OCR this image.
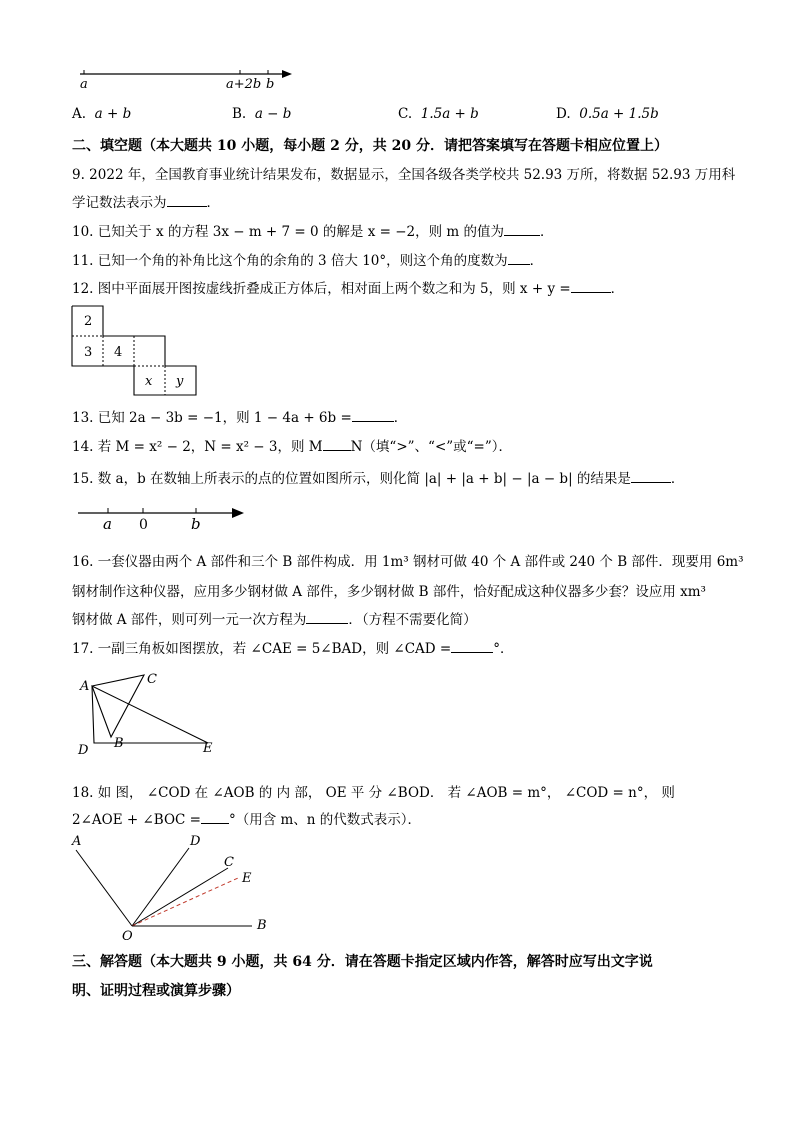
a	a+2b b
A. a + b	B. a − b	C. 1.5a + b	D. 0.5a + 1.5b
二、填空题（本大题共 10 小题，每小题 2 分，共 20 分．请把答案填写在答题卡相应位置上）
9. 2022 年，全国教育事业统计结果发布，数据显示，全国各级各类学校共 52.93 万所，将数据 52.93 万用科
学记数法表示为	．
10. 已知关于 x 的方程 3x − m + 7 = 0 的解是 x = −2，则 m 的值为	．
11. 已知一个角的补角比这个角的余角的 3 倍大 10°，则这个角的度数为 ．
12. 图中平面展开图按虚线折叠成正方体后，相对面上两个数之和为 5，则 x + y =	．
2
3 4
x y
13. 已知 2a − 3b = −1，则 1 − 4a + 6b =	．
14. 若 M = x² − 2，N = x² − 3，则 M N（填“>”、“<”或“=”）．
15. 数 a，b 在数轴上所表示的点的位置如图所示，则化简 |a| + |a + b| − |a − b| 的结果是	．
a 0	b
16. 一套仪器由两个 A 部件和三个 B 部件构成．用 1m³ 钢材可做 40 个 A 部件或 240 个 B 部件．现要用 6m³
钢材制作这种仪器，应用多少钢材做 A 部件，多少钢材做 B 部件，恰好配成这种仪器多少套？设应用 xm³
钢材做 A 部件，则可列一元一次方程为	．（方程不需要化简）
17. 一副三角板如图摆放，若 ∠CAE = 5∠BAD，则 ∠CAD =	°．
A	C
B
D	E
18. 如 图， ∠COD 在 ∠AOB 的 内 部， OE 平 分 ∠BOD． 若 ∠AOB = m°， ∠COD = n°， 则
2∠AOE + ∠BOC = °（用含 m、n 的代数式表示）．
A	D
C
E
O
B
三、解答题（本大题共 9 小题，共 64 分．请在答题卡指定区域内作答，解答时应写出文字说
明、证明过程或演算步骤）
